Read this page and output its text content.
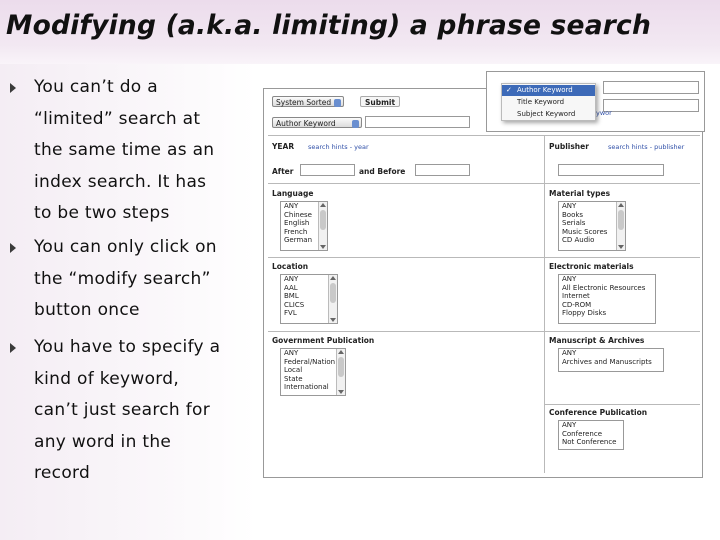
Modifying (a.k.a. limiting) a phrase search
You can’t do a
“limited” search at
the same time as an
index search. It has
to be two steps
You can only click on
the “modify search”
button once
You have to specify a
kind of keyword,
can’t just search for
any word in the
record
System Sorted	Submit
Author Keyword
YEAR search hints - year
After	and Before
Publisher	search hints - publisher
Language
ANY
Chinese
English
French
German
Material types
ANY
Books
Serials
Music Scores
CD Audio
Location
ANY
AAL
BML
CLICS
FVL
Electronic materials
ANY
All Electronic Resources
Internet
CD-ROM
Floppy Disks
Government Publication
ANY
Federal/Nation
Local
State
International
Manuscript & Archives
ANY
Archives and Manuscripts
Conference Publication
ANY
Conference
Not Conference
ywor
✓ Author Keyword
Title Keyword
Subject Keyword
